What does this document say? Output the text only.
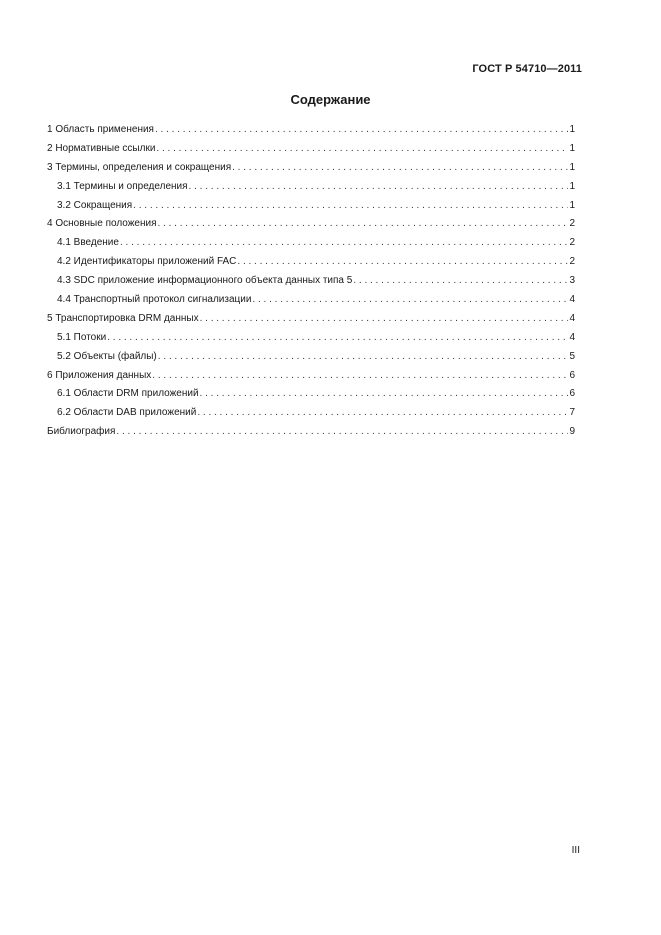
ГОСТ Р 54710—2011
Содержание
1 Область применения . . .	1
2 Нормативные ссылки . . .	1
3 Термины, определения и сокращения . . .	1
3.1 Термины и определения . . .	1
3.2 Сокращения . . .	1
4 Основные положения . . .	2
4.1 Введение . . .	2
4.2 Идентификаторы приложений FAC . . .	2
4.3 SDC приложение информационного объекта данных типа 5 . . .	3
4.4 Транспортный протокол сигнализации . . .	4
5 Транспортировка DRM данных . . .	4
5.1 Потоки . . .	4
5.2 Объекты (файлы) . . .	5
6 Приложения данных . . .	6
6.1 Области DRM приложений . . .	6
6.2 Области DAB приложений . . .	7
Библиография . . .	9
III
